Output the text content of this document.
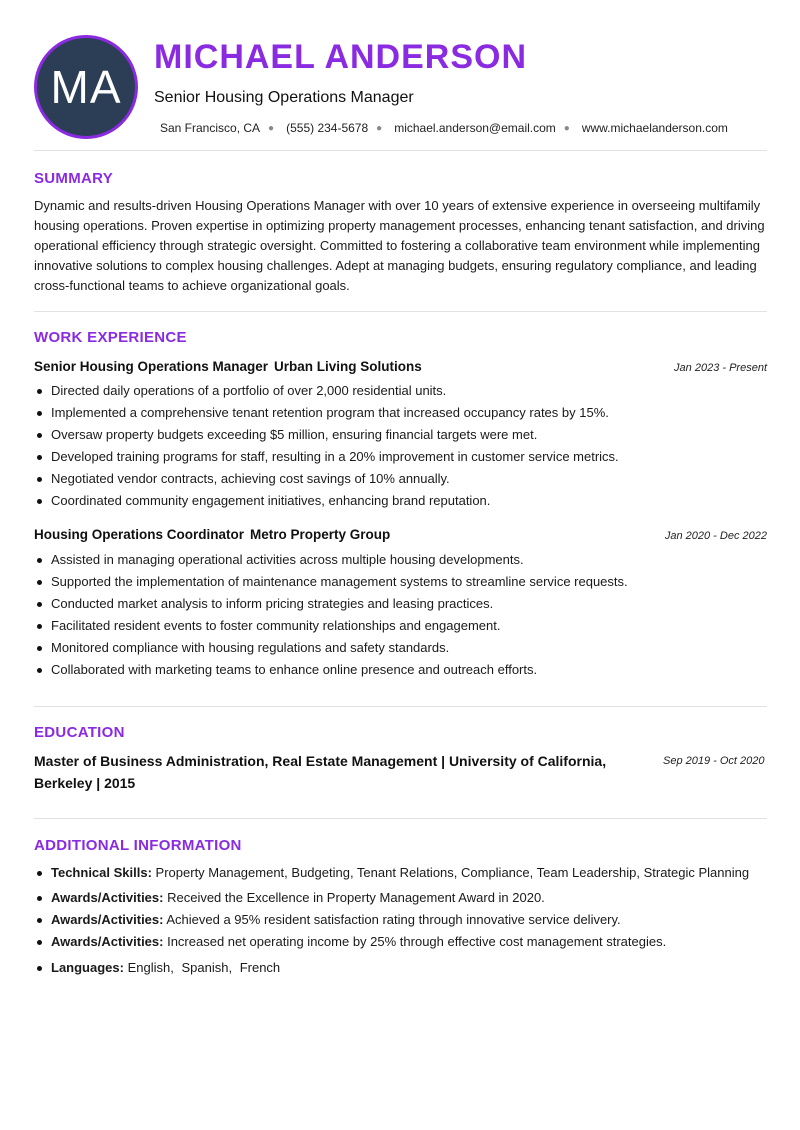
MA
MICHAEL ANDERSON
Senior Housing Operations Manager
San Francisco, CA ● (555) 234-5678 ● michael.anderson@email.com ● www.michaelanderson.com
SUMMARY
Dynamic and results-driven Housing Operations Manager with over 10 years of extensive experience in overseeing multifamily housing operations. Proven expertise in optimizing property management processes, enhancing tenant satisfaction, and driving operational efficiency through strategic oversight. Committed to fostering a collaborative team environment while implementing innovative solutions to complex housing challenges. Adept at managing budgets, ensuring regulatory compliance, and leading cross-functional teams to achieve organizational goals.
WORK EXPERIENCE
Senior Housing Operations Manager Urban Living Solutions	Jan 2023 - Present
Directed daily operations of a portfolio of over 2,000 residential units.
Implemented a comprehensive tenant retention program that increased occupancy rates by 15%.
Oversaw property budgets exceeding $5 million, ensuring financial targets were met.
Developed training programs for staff, resulting in a 20% improvement in customer service metrics.
Negotiated vendor contracts, achieving cost savings of 10% annually.
Coordinated community engagement initiatives, enhancing brand reputation.
Housing Operations Coordinator Metro Property Group	Jan 2020 - Dec 2022
Assisted in managing operational activities across multiple housing developments.
Supported the implementation of maintenance management systems to streamline service requests.
Conducted market analysis to inform pricing strategies and leasing practices.
Facilitated resident events to foster community relationships and engagement.
Monitored compliance with housing regulations and safety standards.
Collaborated with marketing teams to enhance online presence and outreach efforts.
EDUCATION
Master of Business Administration, Real Estate Management | University of California, Berkeley | 2015
Sep 2019 - Oct 2020
ADDITIONAL INFORMATION
Technical Skills: Property Management, Budgeting, Tenant Relations, Compliance, Team Leadership, Strategic Planning
Awards/Activities: Received the Excellence in Property Management Award in 2020.
Awards/Activities: Achieved a 95% resident satisfaction rating through innovative service delivery.
Awards/Activities: Increased net operating income by 25% through effective cost management strategies.
Languages: English, Spanish, French
